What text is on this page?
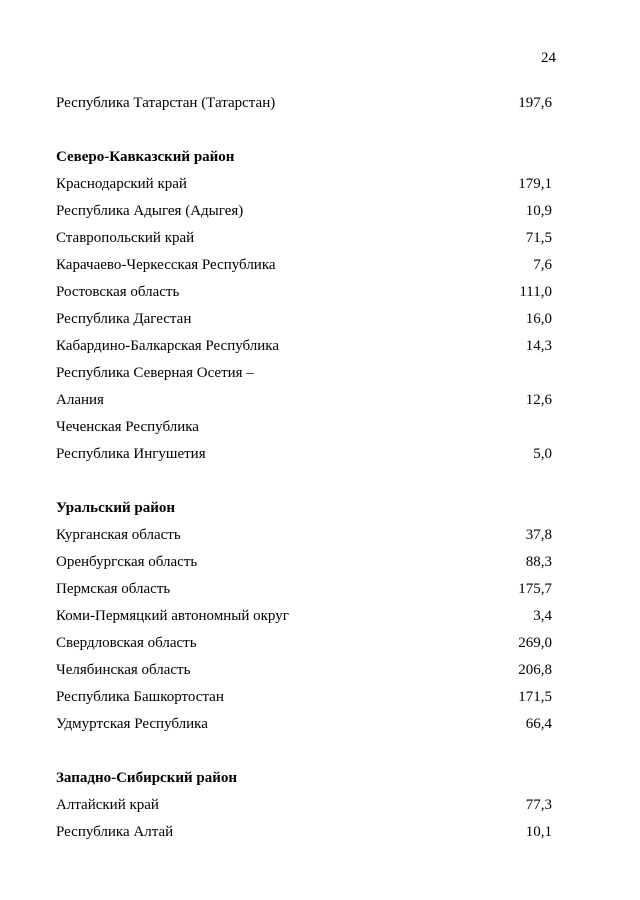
24
Республика Татарстан (Татарстан)	197,6
Северо-Кавказский район
Краснодарский край	179,1
Республика Адыгея (Адыгея)	10,9
Ставропольский край	71,5
Карачаево-Черкесская Республика	7,6
Ростовская область	111,0
Республика Дагестан	16,0
Кабардино-Балкарская Республика	14,3
Республика Северная Осетия –
Алания	12,6
Чеченская Республика
Республика Ингушетия	5,0
Уральский район
Курганская область	37,8
Оренбургская область	88,3
Пермская область	175,7
Коми-Пермяцкий автономный округ	3,4
Свердловская область	269,0
Челябинская область	206,8
Республика Башкортостан	171,5
Удмуртская Республика	66,4
Западно-Сибирский район
Алтайский край	77,3
Республика Алтай	10,1
